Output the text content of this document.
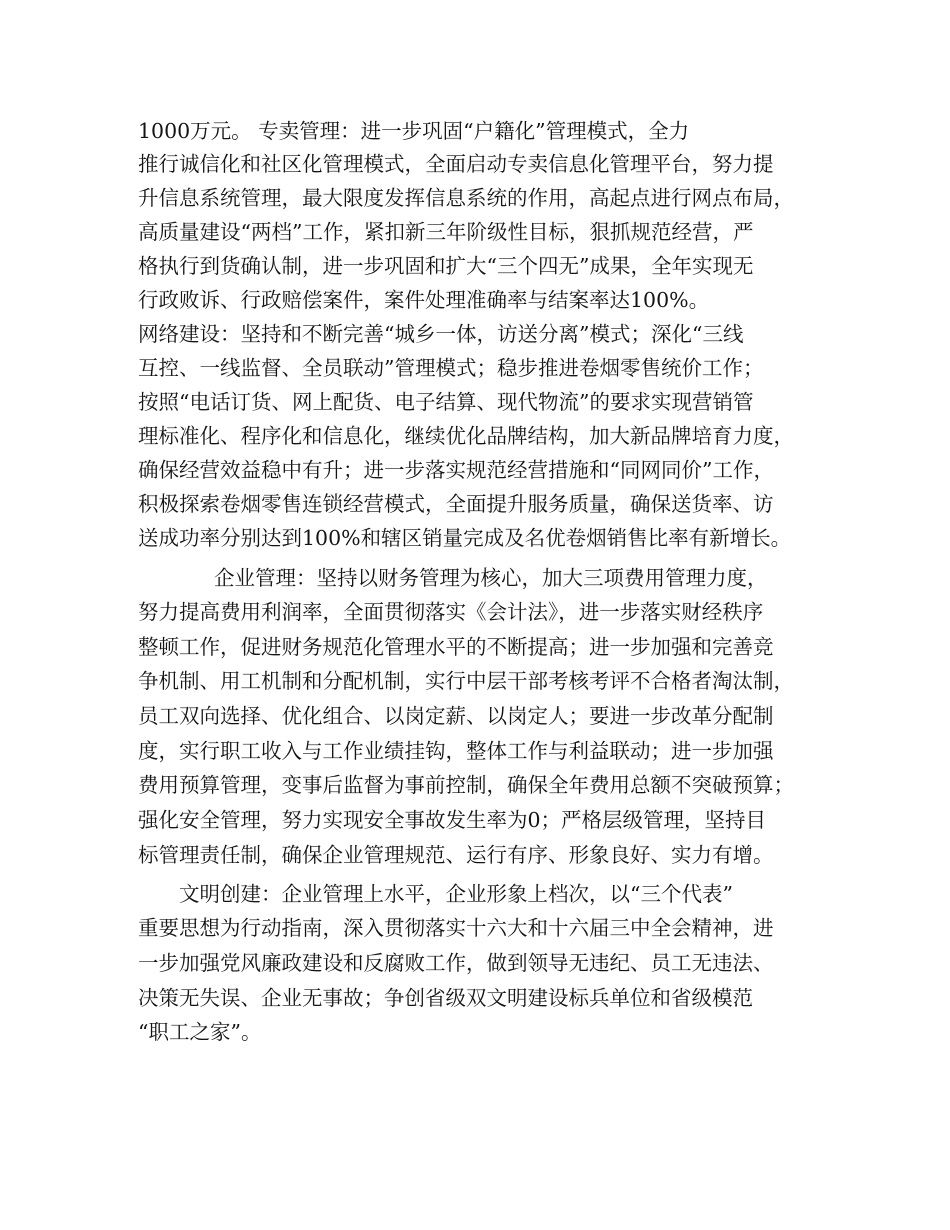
1000万元。 专卖管理：进一步巩固“户籍化”管理模式，全力
推行诚信化和社区化管理模式，全面启动专卖信息化管理平台，努力提
升信息系统管理，最大限度发挥信息系统的作用，高起点进行网点布局，
高质量建设“两档”工作，紧扣新三年阶级性目标，狠抓规范经营，严
格执行到货确认制，进一步巩固和扩大“三个四无”成果，全年实现无
行政败诉、行政赔偿案件，案件处理准确率与结案率达100%。
网络建设：坚持和不断完善“城乡一体，访送分离”模式；深化“三线
互控、一线监督、全员联动”管理模式；稳步推进卷烟零售统价工作；
按照“电话订货、网上配货、电子结算、现代物流”的要求实现营销管
理标准化、程序化和信息化，继续优化品牌结构，加大新品牌培育力度，
确保经营效益稳中有升；进一步落实规范经营措施和“同网同价”工作，
积极探索卷烟零售连锁经营模式，全面提升服务质量，确保送货率、访
送成功率分别达到100%和辖区销量完成及名优卷烟销售比率有新增长。
企业管理：坚持以财务管理为核心，加大三项费用管理力度，
努力提高费用利润率，全面贯彻落实《会计法》，进一步落实财经秩序
整顿工作，促进财务规范化管理水平的不断提高；进一步加强和完善竞
争机制、用工机制和分配机制，实行中层干部考核考评不合格者淘汰制，
员工双向选择、优化组合、以岗定薪、以岗定人；要进一步改革分配制
度，实行职工收入与工作业绩挂钩，整体工作与利益联动；进一步加强
费用预算管理，变事后监督为事前控制，确保全年费用总额不突破预算；
强化安全管理，努力实现安全事故发生率为0；严格层级管理，坚持目
标管理责任制，确保企业管理规范、运行有序、形象良好、实力有增。
文明创建：企业管理上水平，企业形象上档次，以“三个代表”
重要思想为行动指南，深入贯彻落实十六大和十六届三中全会精神，进
一步加强党风廉政建设和反腐败工作，做到领导无违纪、员工无违法、
决策无失误、企业无事故；争创省级双文明建设标兵单位和省级模范
“职工之家”。
